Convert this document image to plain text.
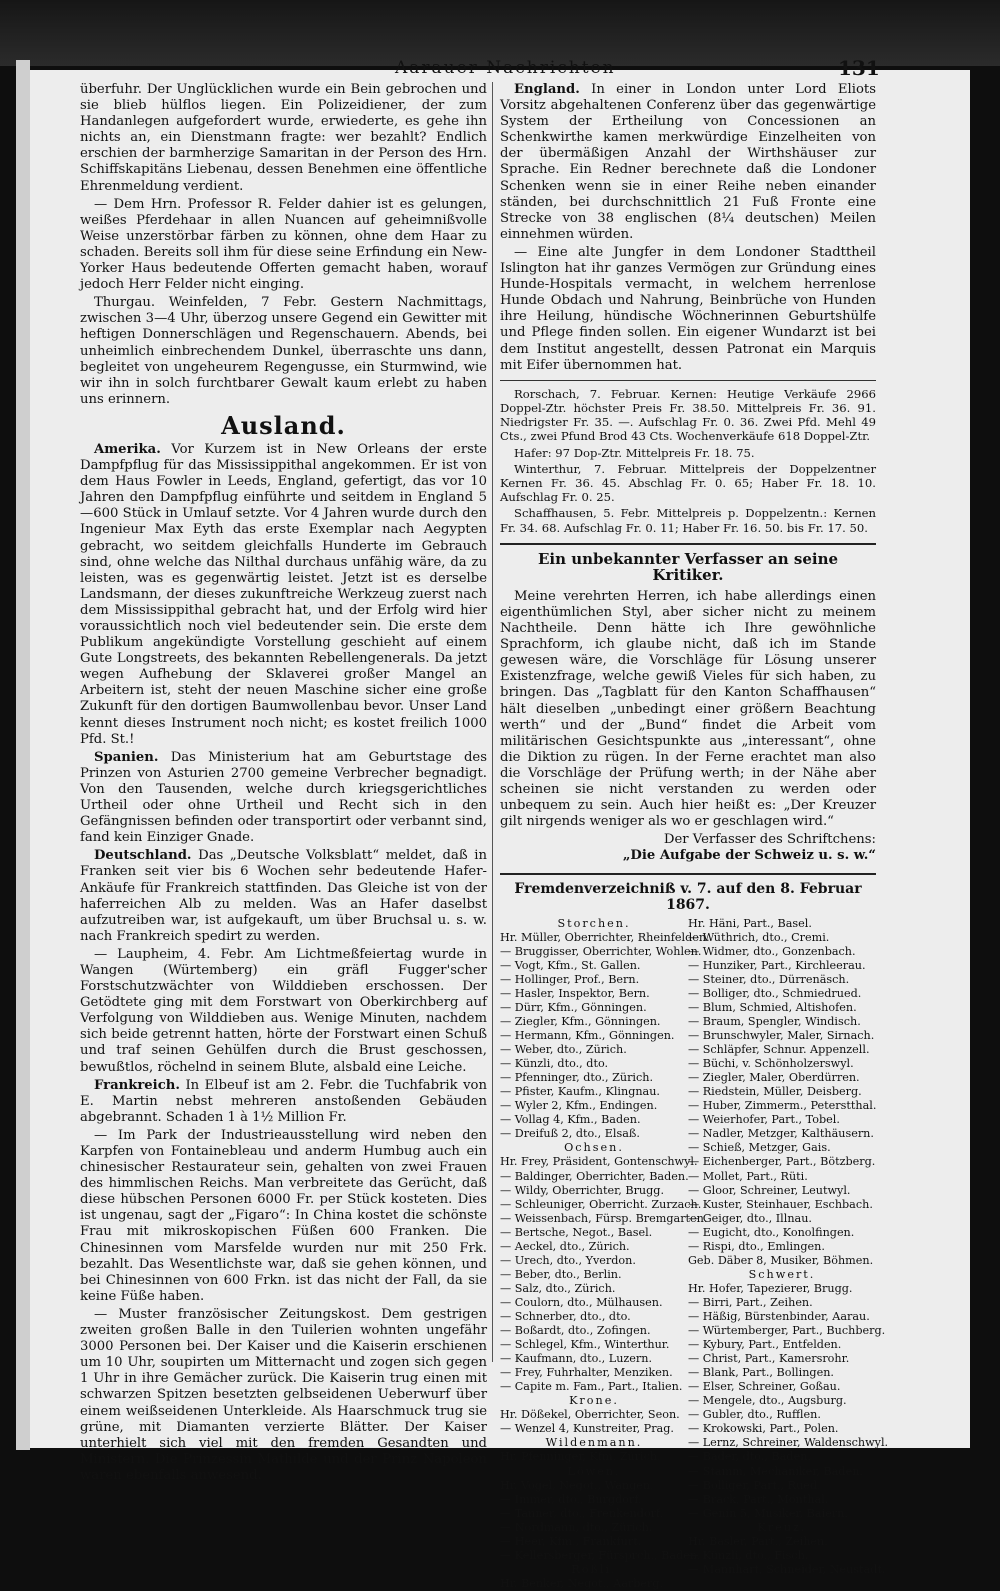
Aarauer Nachrichten	131

überfuhr. Der Unglücklichen wurde ein Bein gebrochen und sie blieb hülflos liegen. Ein Polizeidiener, der zum Handanlegen aufgefordert wurde, erwiederte, es gehe ihn nichts an, ein Dienstmann fragte: wer bezahlt? Endlich erschien der barmherzige Samaritan in der Person des Hrn. Schiffskapitäns Liebenau, dessen Benehmen eine öffentliche Ehrenmeldung verdient.

— Dem Hrn. Professor R. Felder dahier ist es gelungen, weißes Pferdehaar in allen Nuancen auf geheimnißvolle Weise unzerstörbar färben zu können, ohne dem Haar zu schaden. Bereits soll ihm für diese seine Erfindung ein New-Yorker Haus bedeutende Offerten gemacht haben, worauf jedoch Herr Felder nicht einging.

Thurgau. Weinfelden, 7 Febr. Gestern Nachmittags, zwischen 3—4 Uhr, überzog unsere Gegend ein Gewitter mit heftigen Donnerschlägen und Regenschauern. Abends, bei unheimlich einbrechendem Dunkel, überraschte uns dann, begleitet von ungeheurem Regengusse, ein Sturmwind, wie wir ihn in solch furchtbarer Gewalt kaum erlebt zu haben uns erinnern.

Ausland.

Amerika. Vor Kurzem ist in New Orleans der erste Dampfpflug für das Mississippithal angekommen. Er ist von dem Haus Fowler in Leeds, England, gefertigt, das vor 10 Jahren den Dampfpflug einführte und seitdem in England 5—600 Stück in Umlauf setzte. Vor 4 Jahren wurde durch den Ingenieur Max Eyth das erste Exemplar nach Aegypten gebracht, wo seitdem gleichfalls Hunderte im Gebrauch sind, ohne welche das Nilthal durchaus unfähig wäre, da zu leisten, was es gegenwärtig leistet. Jetzt ist es derselbe Landsmann, der dieses zukunftreiche Werkzeug zuerst nach dem Mississippithal gebracht hat, und der Erfolg wird hier voraussichtlich noch viel bedeutender sein. Die erste dem Publikum angekündigte Vorstellung geschieht auf einem Gute Longstreets, des bekannten Rebellengenerals. Da jetzt wegen Aufhebung der Sklaverei großer Mangel an Arbeitern ist, steht der neuen Maschine sicher eine große Zukunft für den dortigen Baumwollenbau bevor. Unser Land kennt dieses Instrument noch nicht; es kostet freilich 1000 Pfd. St.!

Spanien. Das Ministerium hat am Geburtstage des Prinzen von Asturien 2700 gemeine Verbrecher begnadigt. Von den Tausenden, welche durch kriegsgerichtliches Urtheil oder ohne Urtheil und Recht sich in den Gefängnissen befinden oder transportirt oder verbannt sind, fand kein Einziger Gnade.

Deutschland. Das „Deutsche Volksblatt“ meldet, daß in Franken seit vier bis 6 Wochen sehr bedeutende Hafer-Ankäufe für Frankreich stattfinden. Das Gleiche ist von der haferreichen Alb zu melden. Was an Hafer daselbst aufzutreiben war, ist aufgekauft, um über Bruchsal u. s. w. nach Frankreich spedirt zu werden.

— Laupheim, 4. Febr. Am Lichtmeßfeiertag wurde in Wangen (Würtemberg) ein gräfl Fugger'scher Forstschutzwächter von Wilddieben erschossen. Der Getödtete ging mit dem Forstwart von Oberkirchberg auf Verfolgung von Wilddieben aus. Wenige Minuten, nachdem sich beide getrennt hatten, hörte der Forstwart einen Schuß und traf seinen Gehülfen durch die Brust geschossen, bewußtlos, röchelnd in seinem Blute, alsbald eine Leiche.

Frankreich. In Elbeuf ist am 2. Febr. die Tuchfabrik von E. Martin nebst mehreren anstoßenden Gebäuden abgebrannt. Schaden 1 à 1½ Million Fr.

— Im Park der Industrieausstellung wird neben den Karpfen von Fontainebleau und anderm Humbug auch ein chinesischer Restaurateur sein, gehalten von zwei Frauen des himmlischen Reichs. Man verbreitete das Gerücht, daß diese hübschen Personen 6000 Fr. per Stück kosteten. Dies ist ungenau, sagt der „Figaro“: In China kostet die schönste Frau mit mikroskopischen Füßen 600 Franken. Die Chinesinnen vom Marsfelde wurden nur mit 250 Frk. bezahlt. Das Wesentlichste war, daß sie gehen können, und bei Chinesinnen von 600 Frkn. ist das nicht der Fall, da sie keine Füße haben.

— Muster französischer Zeitungskost. Dem gestrigen zweiten großen Balle in den Tuilerien wohnten ungefähr 3000 Personen bei. Der Kaiser und die Kaiserin erschienen um 10 Uhr, soupirten um Mitternacht und zogen sich gegen 1 Uhr in ihre Gemächer zurück. Die Kaiserin trug einen mit schwarzen Spitzen besetzten gelbseidenen Ueberwurf über einem weißseidenen Unterkleide. Als Haarschmuck trug sie grüne, mit Diamanten verzierte Blätter. Der Kaiser unterhielt sich viel mit den fremden Gesandten und Ministern. Die Prinzessin Mathilde und der Prinz Napoleon waren ebenfalls anwesend.

England. In einer in London unter Lord Eliots Vorsitz abgehaltenen Conferenz über das gegenwärtige System der Ertheilung von Concessionen an Schenkwirthe kamen merkwürdige Einzelheiten von der übermäßigen Anzahl der Wirthshäuser zur Sprache. Ein Redner berechnete daß die Londoner Schenken wenn sie in einer Reihe neben einander ständen, bei durchschnittlich 21 Fuß Fronte eine Strecke von 38 englischen (8¼ deutschen) Meilen einnehmen würden.

— Eine alte Jungfer in dem Londoner Stadttheil Islington hat ihr ganzes Vermögen zur Gründung eines Hunde-Hospitals vermacht, in welchem herrenlose Hunde Obdach und Nahrung, Beinbrüche von Hunden ihre Heilung, hündische Wöchnerinnen Geburtshülfe und Pflege finden sollen. Ein eigener Wundarzt ist bei dem Institut angestellt, dessen Patronat ein Marquis mit Eifer übernommen hat.

Rorschach, 7. Februar. Kernen: Heutige Verkäufe 2966 Doppel-Ztr. höchster Preis Fr. 38.50. Mittelpreis Fr. 36. 91. Niedrigster Fr. 35. —. Aufschlag Fr. 0. 36. Zwei Pfd. Mehl 49 Cts., zwei Pfund Brod 43 Cts. Wochenverkäufe 618 Doppel-Ztr.

Hafer: 97 Dop-Ztr. Mittelpreis Fr. 18. 75.

Winterthur, 7. Februar. Mittelpreis der Doppelzentner Kernen Fr. 36. 45. Abschlag Fr. 0. 65; Haber Fr. 18. 10. Aufschlag Fr. 0. 25.

Schaffhausen, 5. Febr. Mittelpreis p. Doppelzentn.: Kernen Fr. 34. 68. Aufschlag Fr. 0. 11; Haber Fr. 16. 50. bis Fr. 17. 50.

Ein unbekannter Verfasser an seine Kritiker.

Meine verehrten Herren, ich habe allerdings einen eigenthümlichen Styl, aber sicher nicht zu meinem Nachtheile. Denn hätte ich Ihre gewöhnliche Sprachform, ich glaube nicht, daß ich im Stande gewesen wäre, die Vorschläge für Lösung unserer Existenzfrage, welche gewiß Vieles für sich haben, zu bringen. Das „Tagblatt für den Kanton Schaffhausen“ hält dieselben „unbedingt einer größern Beachtung werth“ und der „Bund“ findet die Arbeit vom militärischen Gesichtspunkte aus „interessant“, ohne die Diktion zu rügen. In der Ferne erachtet man also die Vorschläge der Prüfung werth; in der Nähe aber scheinen sie nicht verstanden zu werden oder unbequem zu sein. Auch hier heißt es: „Der Kreuzer gilt nirgends weniger als wo er geschlagen wird.“

Der Verfasser des Schriftchens:

„Die Aufgabe der Schweiz u. s. w.“

Fremdenverzeichniß v. 7. auf den 8. Februar 1867.
Storchen.
Hr. Müller, Oberrichter, Rheinfelden.
— Bruggisser, Oberrichter, Wohlen.
— Vogt, Kfm., St. Gallen.
— Hollinger, Prof., Bern.
— Hasler, Inspektor, Bern.
— Dürr, Kfm., Gönningen.
— Ziegler, Kfm., Gönningen.
— Hermann, Kfm., Gönningen.
— Weber, dto., Zürich.
— Künzli, dto., dto.
— Pfenninger, dto., Zürich.
— Pfister, Kaufm., Klingnau.
— Wyler 2, Kfm., Endingen.
— Vollag 4, Kfm., Baden.
— Dreifuß 2, dto., Elsaß.
Ochsen.
Hr. Frey, Präsident, Gontenschwyl.
— Baldinger, Oberrichter, Baden.
— Wildy, Oberrichter, Brugg.
— Schleuniger, Oberricht. Zurzach.
— Weissenbach, Fürsp. Bremgarten.
— Bertsche, Negot., Basel.
— Aeckel, dto., Zürich.
— Urech, dto., Yverdon.
— Beber, dto., Berlin.
— Salz, dto., Zürich.
— Coulorn, dto., Mülhausen.
— Schnerber, dto., dto.
— Boßardt, dto., Zofingen.
— Schlegel, Kfm., Winterthur.
— Kaufmann, dto., Luzern.
— Frey, Fuhrhalter, Menziken.
— Capite m. Fam., Part., Italien.
Krone.
Hr. Dößekel, Oberrichter, Seon.
— Wenzel 4, Kunstreiter, Prag.
Wildenmann.
Hr. Pfenninger, Kfm. Zürich.
Löwen.
Hr. Vogel, Negot., Wangen.
— Immer, dto., Burgdorf.
— Tanner, dto., Frenkendorf.
— Nordmann, dto., Zürich.
— Heer, Kfm., Frankfurt.
— Kellersberger, Fürsprch., Baden.
Rößli.
Hr. Benker, Negot., Aarberg.
Hr. Häni, Part., Basel.
— Wüthrich, dto., Cremi.
— Widmer, dto., Gonzenbach.
— Hunziker, Part., Kirchleerau.
— Steiner, dto., Dürrenäsch.
— Bolliger, dto., Schmiedrued.
— Blum, Schmied, Altishofen.
— Braum, Spengler, Windisch.
— Brunschwyler, Maler, Sirnach.
— Schläpfer, Schnur. Appenzell.
— Büchi, v. Schönholzerswyl.
— Ziegler, Maler, Oberdürren.
— Riedstein, Müller, Deisberg.
— Huber, Zimmerm., Peterstthal.
— Weierhofer, Part., Tobel.
— Nadler, Metzger, Kalthäusern.
— Schieß, Metzger, Gais.
— Eichenberger, Part., Bötzberg.
— Mollet, Part., Rüti.
— Gloor, Schreiner, Leutwyl.
— Kuster, Steinhauer, Eschbach.
— Geiger, dto., Illnau.
— Eugicht, dto., Konolfingen.
— Rispi, dto., Emlingen.
Geb. Däber 8, Musiker, Böhmen.
Schwert.
Hr. Hofer, Tapezierer, Brugg.
— Birri, Part., Zeihen.
— Häßig, Bürstenbinder, Aarau.
— Würtemberger, Part., Buchberg.
— Kybury, Part., Entfelden.
— Christ, Part., Kamersrohr.
— Blank, Part., Bollingen.
— Elser, Schreiner, Goßau.
— Mengele, dto., Augsburg.
— Gubler, dto., Rufflen.
— Krokowski, Part., Polen.
— Lernz, Schreiner, Waldenschwyl.
— Bader, dto., Baden.
— Stamm, Mechaniker, Baden.
— Bolliger, Part., Rued.
— Brack, Part., Mönthal.
— Genin 5, Musiker, Baiern.
Kreuz.
Hr. Basler, Part., Zeihen.
— Künzli, dto., Fisch.
— Mannhart, Schneider, Neustadt.
